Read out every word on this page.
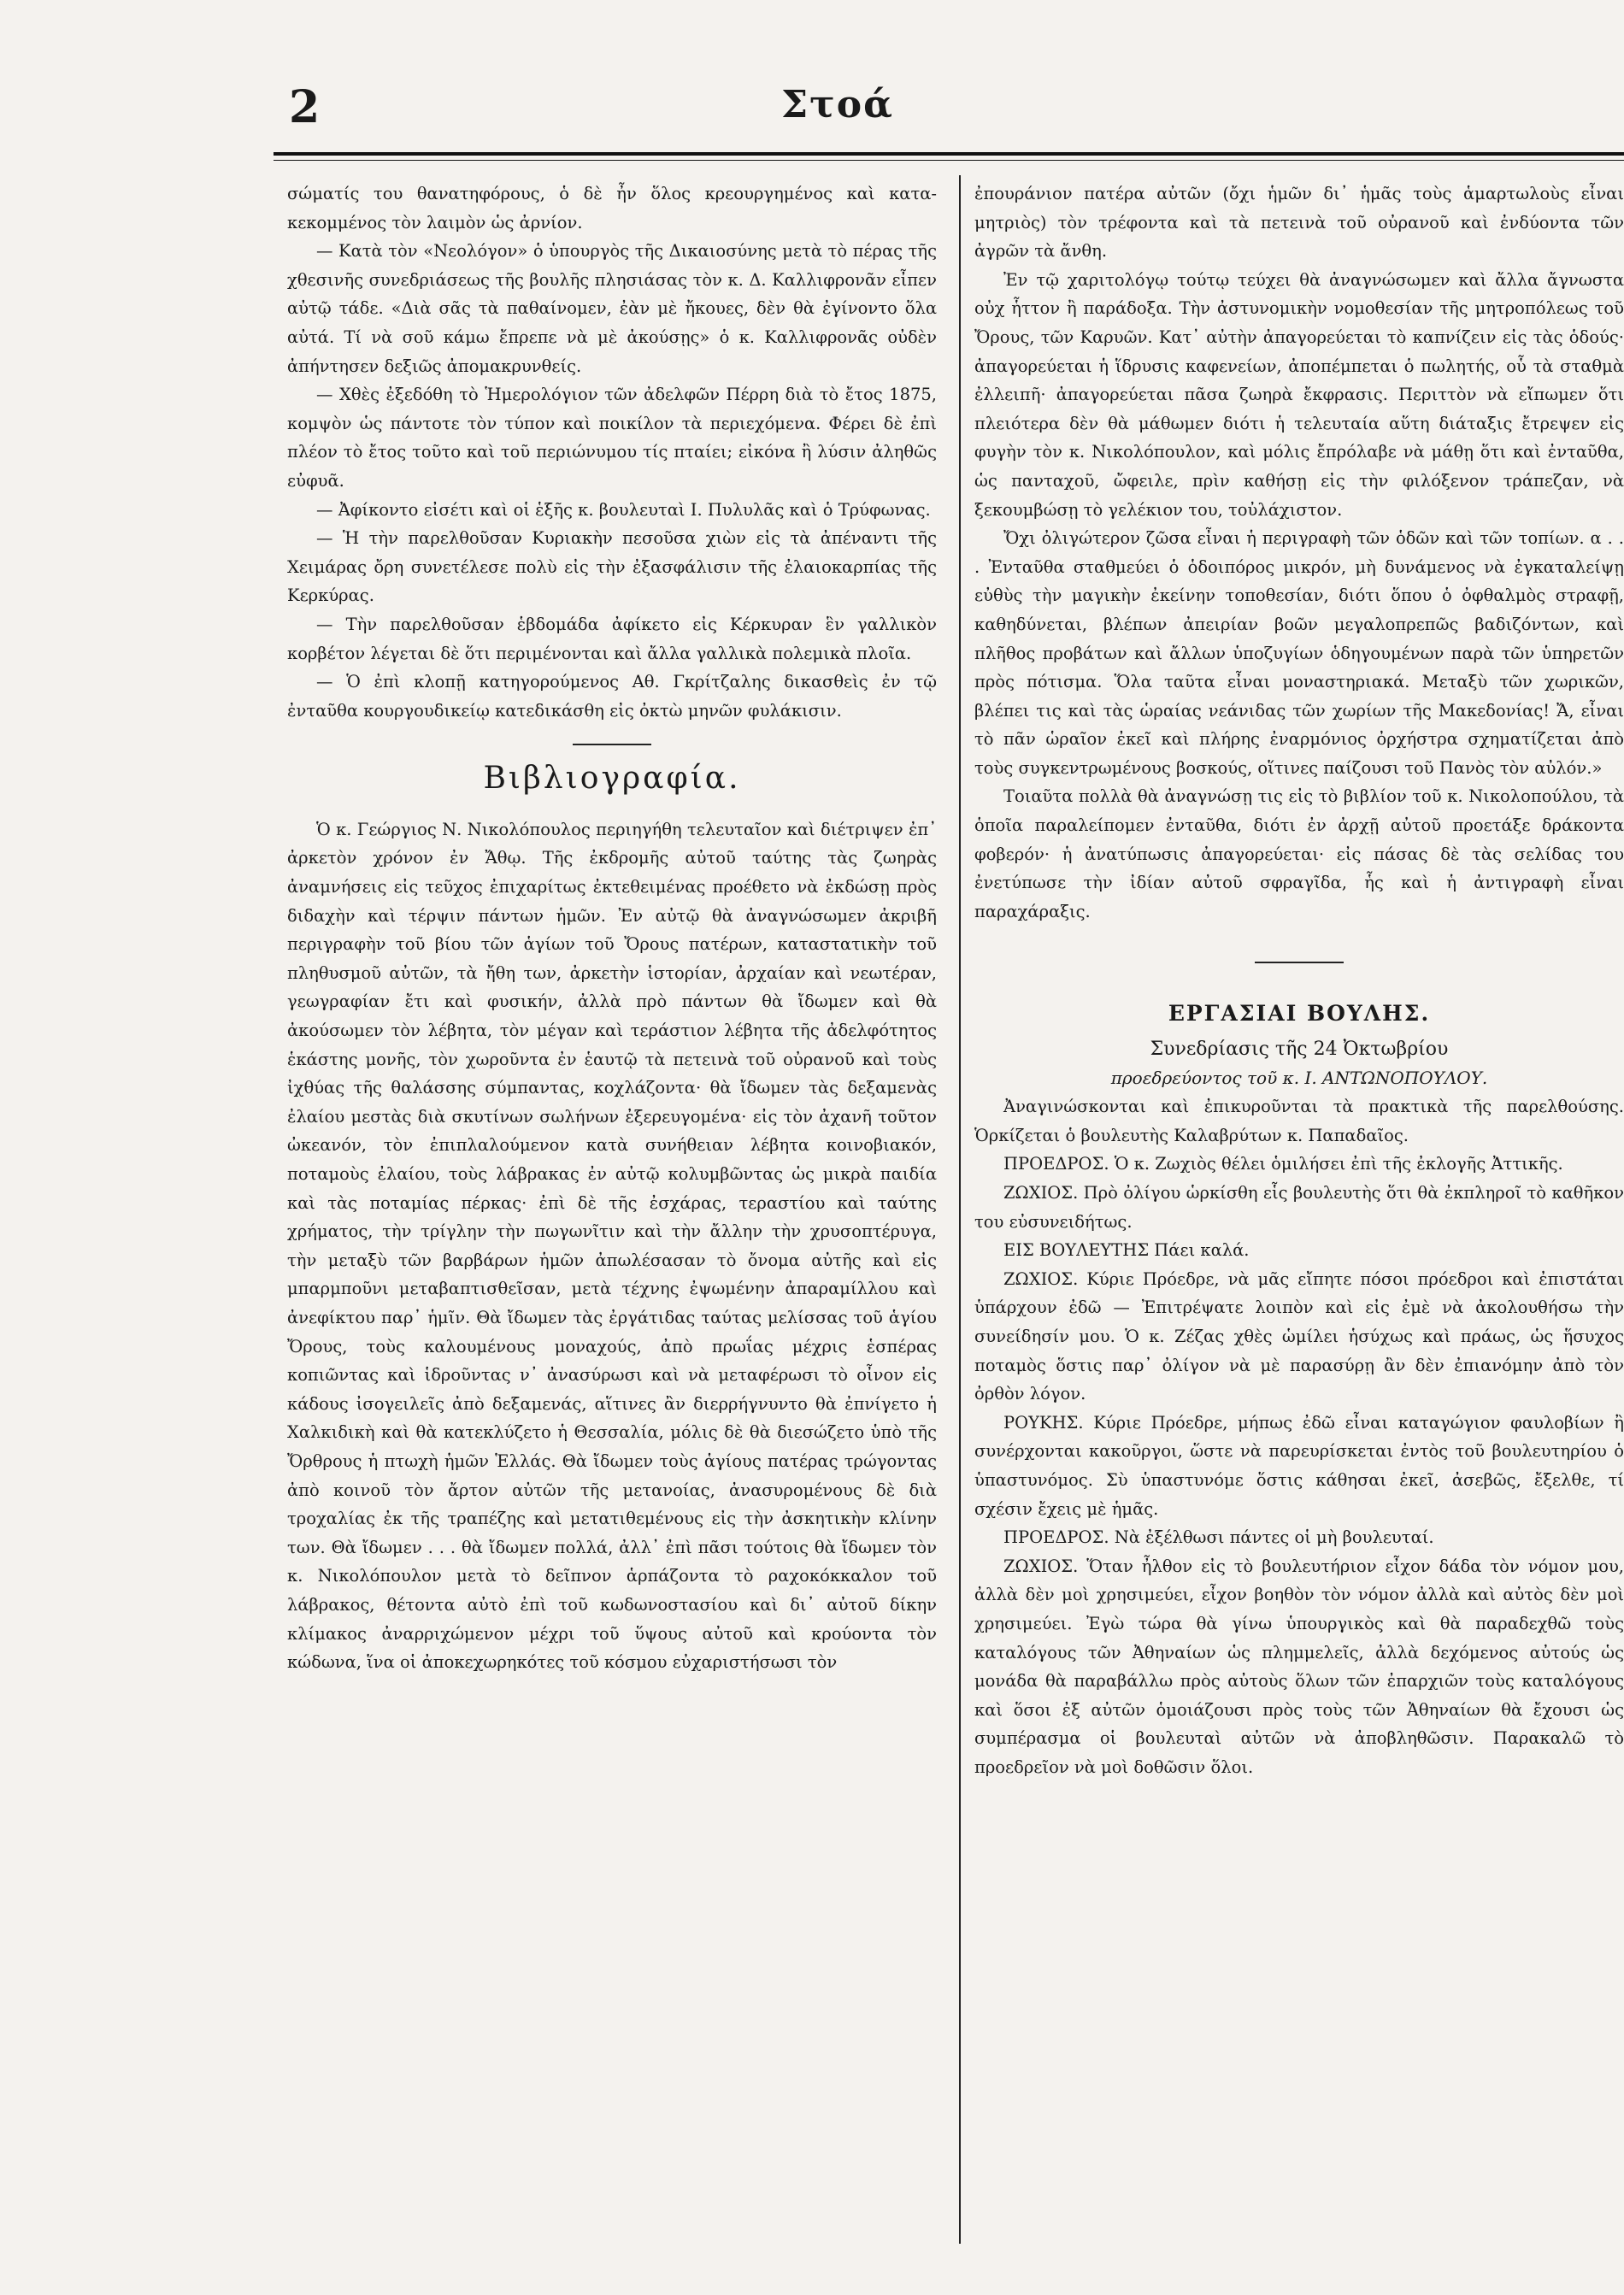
2	Στοά

σώματίς του θανατηφόρους, ὁ δὲ ἦν ὅλος κρεουργημένος καὶ κατα-κεκομμένος τὸν λαιμὸν ὡς ἀρνίον.

— Κατὰ τὸν «Νεολόγον» ὁ ὑπουργὸς τῆς Δικαιοσύνης μετὰ τὸ πέρας τῆς χθεσινῆς συνεδριάσεως τῆς βουλῆς πλησιάσας τὸν κ. Δ. Καλλιφρονᾶν εἶπεν αὐτῷ τάδε. «Διὰ σᾶς τὰ παθαίνομεν, ἐὰν μὲ ἤκουες, δὲν θὰ ἐγίνοντο ὅλα αὐτά. Τί νὰ σοῦ κάμω ἔπρεπε νὰ μὲ ἀκούσῃς» ὁ κ. Καλλιφρονᾶς οὐδὲν ἀπήντησεν δεξιῶς ἀπομακρυνθείς.

— Χθὲς ἐξεδόθη τὸ Ἡμερολόγιον τῶν ἀδελφῶν Πέρρη διὰ τὸ ἔτος 1875, κομψὸν ὡς πάντοτε τὸν τύπον καὶ ποικίλον τὰ περιεχόμενα. Φέρει δὲ ἐπὶ πλέον τὸ ἔτος τοῦτο καὶ τοῦ περιώνυμου τίς πταίει; εἰκόνα ἢ λύσιν ἀληθῶς εὐφυᾶ.

— Ἀφίκοντο εἰσέτι καὶ οἱ ἑξῆς κ. βουλευταὶ Ι. Πυλυλᾶς καὶ ὁ Τρύφωνας.

— Ἡ τὴν παρελθοῦσαν Κυριακὴν πεσοῦσα χιὼν εἰς τὰ ἀπέναντι τῆς Χειμάρας ὄρη συνετέλεσε πολὺ εἰς τὴν ἐξασφάλισιν τῆς ἐλαιοκαρπίας τῆς Κερκύρας.

— Τὴν παρελθοῦσαν ἑβδομάδα ἀφίκετο εἰς Κέρκυραν ἓν γαλλικὸν κορβέτον λέγεται δὲ ὅτι περιμένονται καὶ ἄλλα γαλλικὰ πολεμικὰ πλοῖα.

— Ὁ ἐπὶ κλοπῇ κατηγορούμενος Αθ. Γκρίτζαλης δικασθεὶς ἐν τῷ ἐνταῦθα κουργουδικείῳ κατεδικάσθη εἰς ὀκτὼ μηνῶν φυλάκισιν.

Βιβλιογραφία.

Ὁ κ. Γεώργιος Ν. Νικολόπουλος περιηγήθη τελευταῖον καὶ διέτριψεν ἐπ᾽ ἀρκετὸν χρόνον ἐν Ἄθῳ. Τῆς ἐκδρομῆς αὐτοῦ ταύτης τὰς ζωηρὰς ἀναμνήσεις εἰς τεῦχος ἐπιχαρίτως ἐκτεθειμένας προέθετο νὰ ἐκδώσῃ πρὸς διδαχὴν καὶ τέρψιν πάντων ἡμῶν. Ἐν αὐτῷ θὰ ἀναγνώσωμεν ἀκριβῆ περιγραφὴν τοῦ βίου τῶν ἁγίων τοῦ Ὄρους πατέρων, καταστατικὴν τοῦ πληθυσμοῦ αὐτῶν, τὰ ἤθη των, ἀρκετὴν ἱστορίαν, ἀρχαίαν καὶ νεωτέραν, γεωγραφίαν ἔτι καὶ φυσικήν, ἀλλὰ πρὸ πάντων θὰ ἴδωμεν καὶ θὰ ἀκούσωμεν τὸν λέβητα, τὸν μέγαν καὶ τεράστιον λέβητα τῆς ἀδελφότητος ἑκάστης μονῆς, τὸν χωροῦντα ἐν ἑαυτῷ τὰ πετεινὰ τοῦ οὐρανοῦ καὶ τοὺς ἰχθύας τῆς θαλάσσης σύμπαντας, κοχλάζοντα· θὰ ἴδωμεν τὰς δεξαμενὰς ἐλαίου μεστὰς διὰ σκυτίνων σωλήνων ἐξερευγομένα· εἰς τὸν ἀχανῆ τοῦτον ὠκεανόν, τὸν ἐπιπλαλούμενον κατὰ συνήθειαν λέβητα κοινοβιακόν, ποταμοὺς ἐλαίου, τοὺς λάβρακας ἐν αὐτῷ κολυμβῶντας ὡς μικρὰ παιδία καὶ τὰς ποταμίας πέρκας· ἐπὶ δὲ τῆς ἐσχάρας, τεραστίου καὶ ταύτης χρήματος, τὴν τρίγλην τὴν πωγωνῖτιν καὶ τὴν ἄλλην τὴν χρυσοπτέρυγα, τὴν μεταξὺ τῶν βαρβάρων ἡμῶν ἀπωλέσασαν τὸ ὄνομα αὐτῆς καὶ εἰς μπαρμποῦνι μεταβαπτισθεῖσαν, μετὰ τέχνης ἐψωμένην ἀπαραμίλλου καὶ ἀνεφίκτου παρ᾽ ἡμῖν. Θὰ ἴδωμεν τὰς ἐργάτιδας ταύτας μελίσσας τοῦ ἁγίου Ὄρους, τοὺς καλουμένους μοναχούς, ἀπὸ πρωΐας μέχρις ἑσπέρας κοπιῶντας καὶ ἱδροῦντας ν᾽ ἀνασύρωσι καὶ νὰ μεταφέρωσι τὸ οἶνον εἰς κάδους ἰσογειλεῖς ἀπὸ δεξαμενάς, αἵτινες ἂν διερρήγνυντο θὰ ἐπνίγετο ἡ Χαλκιδικὴ καὶ θὰ κατεκλύζετο ἡ Θεσσαλία, μόλις δὲ θὰ διεσώζετο ὑπὸ τῆς Ὄρθρους ἡ πτωχὴ ἡμῶν Ἑλλάς. Θὰ ἴδωμεν τοὺς ἁγίους πατέρας τρώγοντας ἀπὸ κοινοῦ τὸν ἄρτον αὐτῶν τῆς μετανοίας, ἀνασυρομένους δὲ διὰ τροχαλίας ἐκ τῆς τραπέζης καὶ μετατιθεμένους εἰς τὴν ἀσκητικὴν κλίνην των. Θὰ ἴδωμεν . . . θὰ ἴδωμεν πολλά, ἀλλ᾽ ἐπὶ πᾶσι τούτοις θὰ ἴδωμεν τὸν κ. Νικολόπουλον μετὰ τὸ δεῖπνον ἁρπάζοντα τὸ ραχοκόκκαλον τοῦ λάβρακος, θέτοντα αὐτὸ ἐπὶ τοῦ κωδωνοστασίου καὶ δι᾽ αὐτοῦ δίκην κλίμακος ἀναρριχώμενον μέχρι τοῦ ὕψους αὐτοῦ καὶ κρούοντα τὸν κώδωνα, ἵνα οἱ ἀποκεχωρηκότες τοῦ κόσμου εὐχαριστήσωσι τὸν

ἐπουράνιον πατέρα αὐτῶν (ὄχι ἡμῶν δι᾽ ἡμᾶς τοὺς ἁμαρτωλοὺς εἶναι μητριὸς) τὸν τρέφοντα καὶ τὰ πετεινὰ τοῦ οὐρανοῦ καὶ ἐνδύοντα τῶν ἀγρῶν τὰ ἄνθη.

Ἐν τῷ χαριτολόγῳ τούτῳ τεύχει θὰ ἀναγνώσωμεν καὶ ἄλλα ἄγνωστα οὐχ ἧττον ἢ παράδοξα. Τὴν ἀστυνομικὴν νομοθεσίαν τῆς μητροπόλεως τοῦ Ὄρους, τῶν Καρυῶν. Κατ᾽ αὐτὴν ἀπαγορεύεται τὸ καπνίζειν εἰς τὰς ὁδούς· ἀπαγορεύεται ἡ ἵδρυσις καφενείων, ἀποπέμπεται ὁ πωλητής, οὗ τὰ σταθμὰ ἐλλειπῆ· ἀπαγορεύεται πᾶσα ζωηρὰ ἔκφρασις. Περιττὸν νὰ εἴπωμεν ὅτι πλειότερα δὲν θὰ μάθωμεν διότι ἡ τελευταία αὕτη διάταξις ἔτρεψεν εἰς φυγὴν τὸν κ. Νικολόπουλον, καὶ μόλις ἔπρόλαβε νὰ μάθῃ ὅτι καὶ ἐνταῦθα, ὡς πανταχοῦ, ὤφειλε, πρὶν καθήσῃ εἰς τὴν φιλόξενον τράπεζαν, νὰ ξεκουμβώσῃ τὸ γελέκιον του, τοὐλάχιστον.

Ὄχι ὀλιγώτερον ζῶσα εἶναι ἡ περιγραφὴ τῶν ὁδῶν καὶ τῶν τοπίων. α . . . Ἐνταῦθα σταθμεύει ὁ ὁδοιπόρος μικρόν, μὴ δυνάμενος νὰ ἐγκαταλείψῃ εὐθὺς τὴν μαγικὴν ἐκείνην τοποθεσίαν, διότι ὅπου ὁ ὀφθαλμὸς στραφῇ, καθηδύνεται, βλέπων ἀπειρίαν βοῶν μεγαλοπρεπῶς βαδιζόντων, καὶ πλῆθος προβάτων καὶ ἄλλων ὑποζυγίων ὁδηγουμένων παρὰ τῶν ὑπηρετῶν πρὸς πότισμα. Ὅλα ταῦτα εἶναι μοναστηριακά. Μεταξὺ τῶν χωρικῶν, βλέπει τις καὶ τὰς ὡραίας νεάνιδας τῶν χωρίων τῆς Μακεδονίας! Ἄ, εἶναι τὸ πᾶν ὡραῖον ἐκεῖ καὶ πλήρης ἐναρμόνιος ὀρχήστρα σχηματίζεται ἀπὸ τοὺς συγκεντρωμένους βοσκούς, οἵτινες παίζουσι τοῦ Πανὸς τὸν αὐλόν.»

Τοιαῦτα πολλὰ θὰ ἀναγνώσῃ τις εἰς τὸ βιβλίον τοῦ κ. Νικολοπούλου, τὰ ὁποῖα παραλείπομεν ἐνταῦθα, διότι ἐν ἀρχῇ αὐτοῦ προετάξε δράκοντα φοβερόν· ἡ ἀνατύπωσις ἀπαγορεύεται· εἰς πάσας δὲ τὰς σελίδας του ἐνετύπωσε τὴν ἰδίαν αὐτοῦ σφραγῖδα, ἧς καὶ ἡ ἀντιγραφὴ εἶναι παραχάραξις.

ΕΡΓΑΣΙΑΙ ΒΟΥΛΗΣ.

Συνεδρίασις τῆς 24 Ὀκτωβρίου

προεδρεύοντος τοῦ κ. Ι. ΑΝΤΩΝΟΠΟΥΛΟΥ.

Ἀναγινώσκονται καὶ ἐπικυροῦνται τὰ πρακτικὰ τῆς παρελθούσης. Ὁρκίζεται ὁ βουλευτὴς Καλαβρύτων κ. Παπαδαῖος.

ΠΡΟΕΔΡΟΣ. Ὁ κ. Ζωχιὸς θέλει ὁμιλήσει ἐπὶ τῆς ἐκλογῆς Ἀττικῆς.

ΖΩΧΙΟΣ. Πρὸ ὀλίγου ὡρκίσθη εἷς βουλευτὴς ὅτι θὰ ἐκπληροῖ τὸ καθῆκον του εὐσυνειδήτως.

ΕΙΣ ΒΟΥΛΕΥΤΗΣ Πάει καλά.

ΖΩΧΙΟΣ. Κύριε Πρόεδρε, νὰ μᾶς εἴπητε πόσοι πρόεδροι καὶ ἐπιστάται ὑπάρχουν ἐδῶ — Ἐπιτρέψατε λοιπὸν καὶ εἰς ἐμὲ νὰ ἀκολουθήσω τὴν συνείδησίν μου. Ὁ κ. Ζέζας χθὲς ὡμίλει ἡσύχως καὶ πράως, ὡς ἥσυχος ποταμὸς ὅστις παρ᾽ ὀλίγον νὰ μὲ παρασύρῃ ἂν δὲν ἐπιανόμην ἀπὸ τὸν ὀρθὸν λόγον.

ΡΟΥΚΗΣ. Κύριε Πρόεδρε, μήπως ἐδῶ εἶναι καταγώγιον φαυλοβίων ἢ συνέρχονται κακοῦργοι, ὥστε νὰ παρευρίσκεται ἐντὸς τοῦ βουλευτηρίου ὁ ὑπαστυνόμος. Σὺ ὑπαστυνόμε ὅστις κάθησαι ἐκεῖ, ἀσεβῶς, ἔξελθε, τί σχέσιν ἔχεις μὲ ἡμᾶς.

ΠΡΟΕΔΡΟΣ. Νὰ ἐξέλθωσι πάντες οἱ μὴ βουλευταί.

ΖΩΧΙΟΣ. Ὅταν ἦλθον εἰς τὸ βουλευτήριον εἶχον δάδα τὸν νόμον μου, ἀλλὰ δὲν μοὶ χρησιμεύει, εἶχον βοηθὸν τὸν νόμον ἀλλὰ καὶ αὐτὸς δὲν μοὶ χρησιμεύει. Ἐγὼ τώρα θὰ γίνω ὑπουργικὸς καὶ θὰ παραδεχθῶ τοὺς καταλόγους τῶν Ἀθηναίων ὡς πλημμελεῖς, ἀλλὰ δεχόμενος αὐτούς ὡς μονάδα θὰ παραβάλλω πρὸς αὐτοὺς ὅλων τῶν ἐπαρχιῶν τοὺς καταλόγους καὶ ὅσοι ἐξ αὐτῶν ὁμοιάζουσι πρὸς τοὺς τῶν Ἀθηναίων θὰ ἔχουσι ὡς συμπέρασμα οἱ βουλευταὶ αὐτῶν νὰ ἀποβληθῶσιν. Παρακαλῶ τὸ προεδρεῖον νὰ μοὶ δοθῶσιν ὅλοι.
